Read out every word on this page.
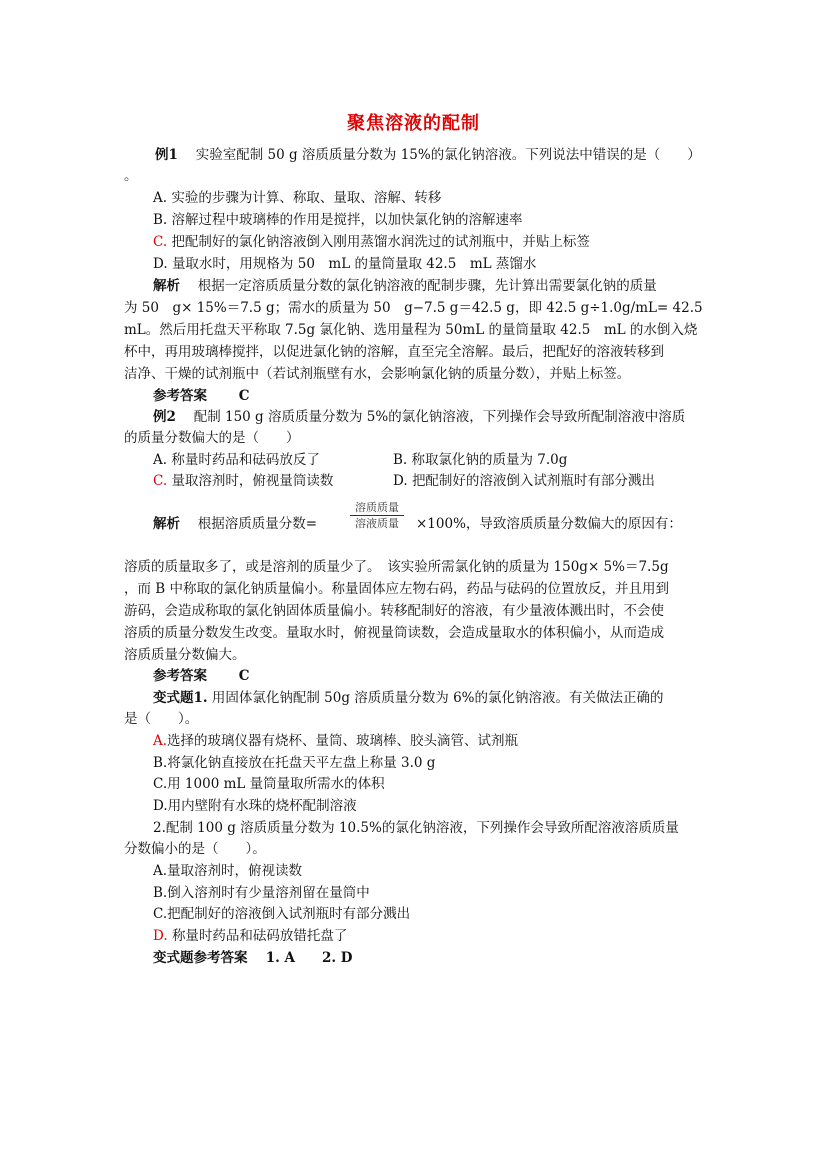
聚焦溶液的配制
例1　 实验室配制 50 g 溶质质量分数为 15%的氯化钠溶液。下列说法中错误的是（　　）
。
A. 实验的步骤为计算、称取、量取、溶解、转移
B. 溶解过程中玻璃棒的作用是搅拌，以加快氯化钠的溶解速率
C. 把配制好的氯化钠溶液倒入刚用蒸馏水润洗过的试剂瓶中，并贴上标签
D. 量取水时，用规格为 50　mL 的量筒量取 42.5　mL 蒸馏水
解析　 根据一定溶质质量分数的氯化钠溶液的配制步骤，先计算出需要氯化钠的质量
为 50　g× 15%＝7.5 g；需水的质量为 50　g−7.5 g＝42.5 g，即 42.5 g÷1.0g/mL= 42.5
mL。然后用托盘天平称取 7.5g 氯化钠、选用量程为 50mL 的量筒量取 42.5　mL 的水倒入烧
杯中，再用玻璃棒搅拌，以促进氯化钠的溶解，直至完全溶解。最后，把配好的溶液转移到
洁净、干燥的试剂瓶中（若试剂瓶壁有水，会影响氯化钠的质量分数），并贴上标签。
参考答案　　 C
例2　 配制 150 g 溶质质量分数为 5%的氯化钠溶液，下列操作会导致所配制溶液中溶质
的质量分数偏大的是（　　）
A. 称量时药品和砝码放反了	B. 称取氯化钠的质量为 7.0g
C. 量取溶剂时，俯视量筒读数	D. 把配制好的溶液倒入试剂瓶时有部分溅出
解析　 根据溶质质量分数=
溶质质量
溶液质量	×100%，导致溶质质量分数偏大的原因有：
溶质的质量取多了，或是溶剂的质量少了。　该实验所需氯化钠的质量为 150g× 5%＝7.5g
，而 B 中称取的氯化钠质量偏小。称量固体应左物右码，药品与砝码的位置放反，并且用到
游码，会造成称取的氯化钠固体质量偏小。转移配制好的溶液，有少量液体溅出时，不会使
溶质的质量分数发生改变。量取水时，俯视量筒读数，会造成量取水的体积偏小，从而造成
溶质质量分数偏大。
参考答案　　 C
变式题1. 用固体氯化钠配制 50g 溶质质量分数为 6%的氯化钠溶液。有关做法正确的
是（　　）。
A.选择的玻璃仪器有烧杯、量筒、玻璃棒、胶头滴管、试剂瓶
B.将氯化钠直接放在托盘天平左盘上称量 3.0 g
C.用 1000 mL 量筒量取所需水的体积
D.用内壁附有水珠的烧杯配制溶液
2.配制 100 g 溶质质量分数为 10.5%的氯化钠溶液，下列操作会导致所配溶液溶质质量
分数偏小的是（　　）。
A.量取溶剂时，俯视读数
B.倒入溶剂时有少量溶剂留在量筒中
C.把配制好的溶液倒入试剂瓶时有部分溅出
D. 称量时药品和砝码放错托盘了
变式题参考答案　 1. A　　2. D
